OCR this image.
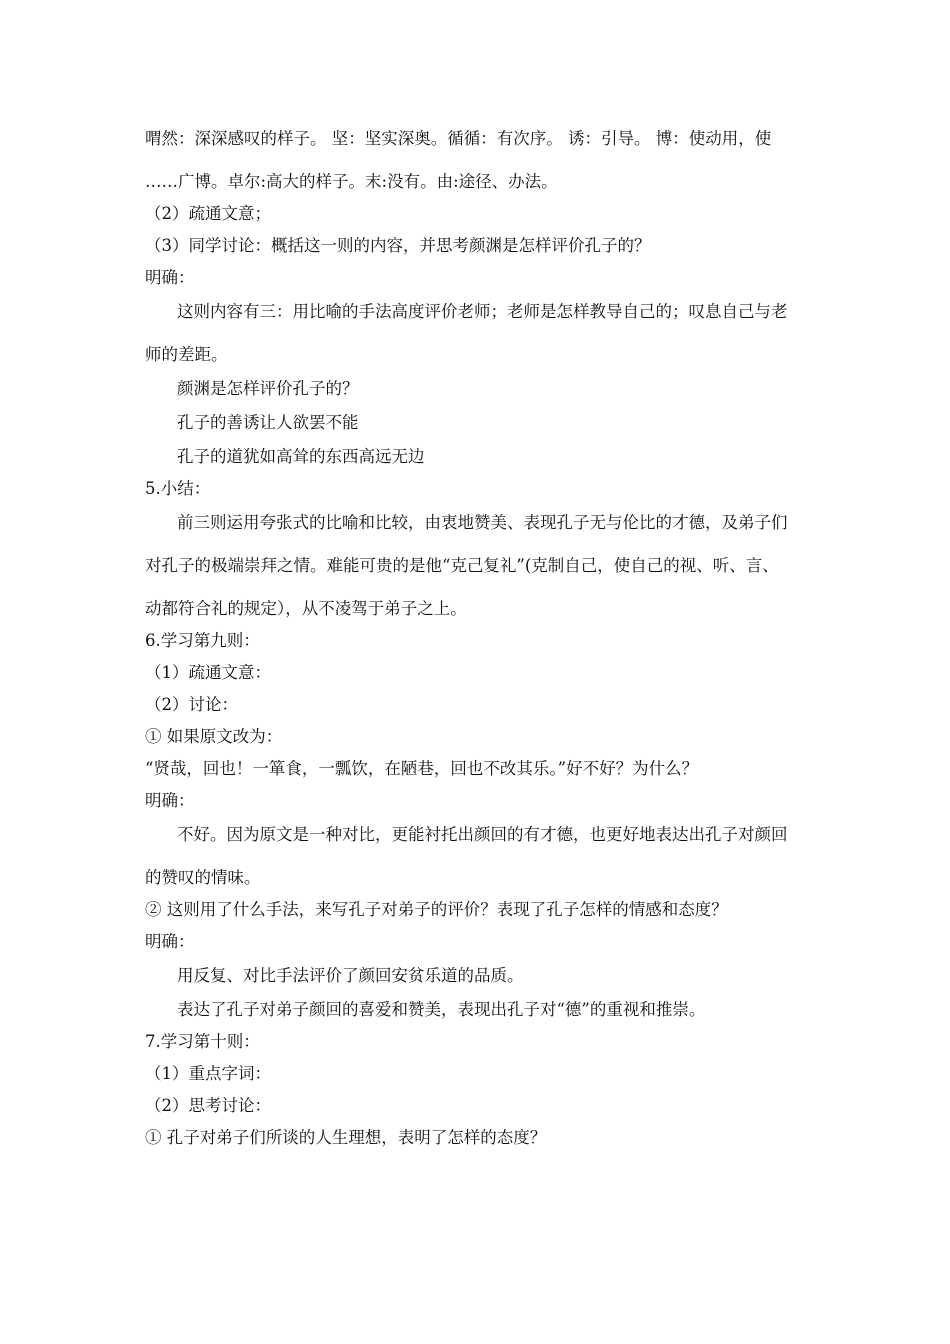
喟然：深深感叹的样子。 坚：坚实深奥。循循：有次序。 诱：引导。 博：使动用，使
……广博。卓尔:高大的样子。末:没有。由:途径、办法。
（2）疏通文意；
（3）同学讨论：概括这一则的内容，并思考颜渊是怎样评价孔子的？
明确：
这则内容有三：用比喻的手法高度评价老师；老师是怎样教导自己的；叹息自己与老
师的差距。
颜渊是怎样评价孔子的？
孔子的善诱让人欲罢不能
孔子的道犹如高耸的东西高远无边
5.小结：
前三则运用夸张式的比喻和比较，由衷地赞美、表现孔子无与伦比的才德，及弟子们
对孔子的极端崇拜之情。难能可贵的是他“克己复礼”(克制自己，使自己的视、听、言、
动都符合礼的规定），从不凌驾于弟子之上。
6.学习第九则：
（1）疏通文意：
（2）讨论：
① 如果原文改为：
“贤哉，回也！一箪食，一瓢饮，在陋巷，回也不改其乐。”好不好？为什么？
明确：
不好。因为原文是一种对比，更能衬托出颜回的有才德，也更好地表达出孔子对颜回
的赞叹的情味。
② 这则用了什么手法，来写孔子对弟子的评价？表现了孔子怎样的情感和态度？
明确：
用反复、对比手法评价了颜回安贫乐道的品质。
表达了孔子对弟子颜回的喜爱和赞美，表现出孔子对“德”的重视和推崇。
7.学习第十则：
（1）重点字词：
（2）思考讨论：
① 孔子对弟子们所谈的人生理想，表明了怎样的态度？
